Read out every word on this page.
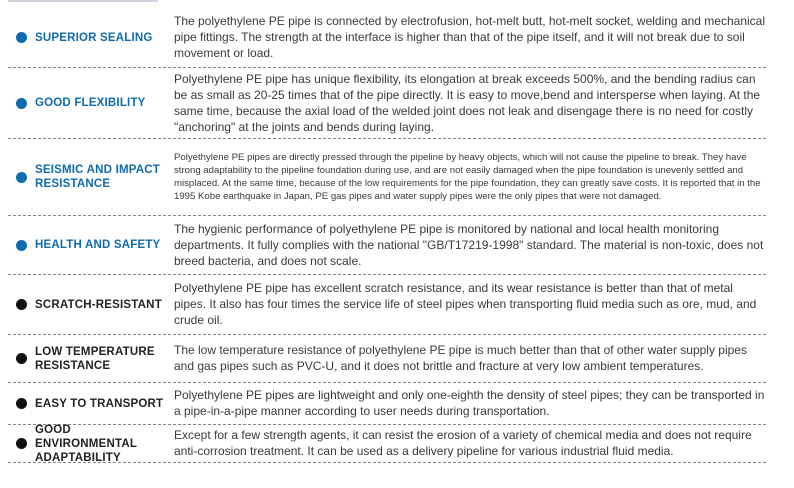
SUPERIOR SEALING
The polyethylene PE pipe is connected by electrofusion, hot-melt butt, hot-melt socket, welding and mechanical pipe fittings. The strength at the interface is higher than that of the pipe itself, and it will not break due to soil movement or load.
GOOD FLEXIBILITY
Polyethylene PE pipe has unique flexibility, its elongation at break exceeds 500%, and the bending radius can be as small as 20-25 times that of the pipe directly. It is easy to move,bend and intersperse when laying. At the same time, because the axial load of the welded joint does not leak and disengage there is no need for costly "anchoring" at the joints and bends during laying.
SEISMIC AND IMPACT RESISTANCE
Polyethylene PE pipes are directly pressed through the pipeline by heavy objects, which will not cause the pipeline to break. They have strong adaptability to the pipeline foundation during use, and are not easily damaged when the pipe foundation is unevenly settled and misplaced. At the same time, because of the low requirements for the pipe foundation, they can greatly save costs. It is reported that in the 1995 Kobe earthquake in Japan, PE gas pipes and water supply pipes were the only pipes that were not damaged.
HEALTH AND SAFETY
The hygienic performance of polyethylene PE pipe is monitored by national and local health monitoring departments. It fully complies with the national "GB/T17219-1998" standard. The material is non-toxic, does not breed bacteria, and does not scale.
SCRATCH-RESISTANT
Polyethylene PE pipe has excellent scratch resistance, and its wear resistance is better than that of metal pipes. It also has four times the service life of steel pipes when transporting fluid media such as ore, mud, and crude oil.
LOW TEMPERATURE RESISTANCE
The low temperature resistance of polyethylene PE pipe is much better than that of other water supply pipes and gas pipes such as PVC-U, and it does not brittle and fracture at very low ambient temperatures.
EASY TO TRANSPORT
Polyethylene PE pipes are lightweight and only one-eighth the density of steel pipes; they can be transported in a pipe-in-a-pipe manner according to user needs during transportation.
GOOD ENVIRONMENTAL ADAPTABILITY
Except for a few strength agents, it can resist the erosion of a variety of chemical media and does not require anti-corrosion treatment. It can be used as a delivery pipeline for various industrial fluid media.
